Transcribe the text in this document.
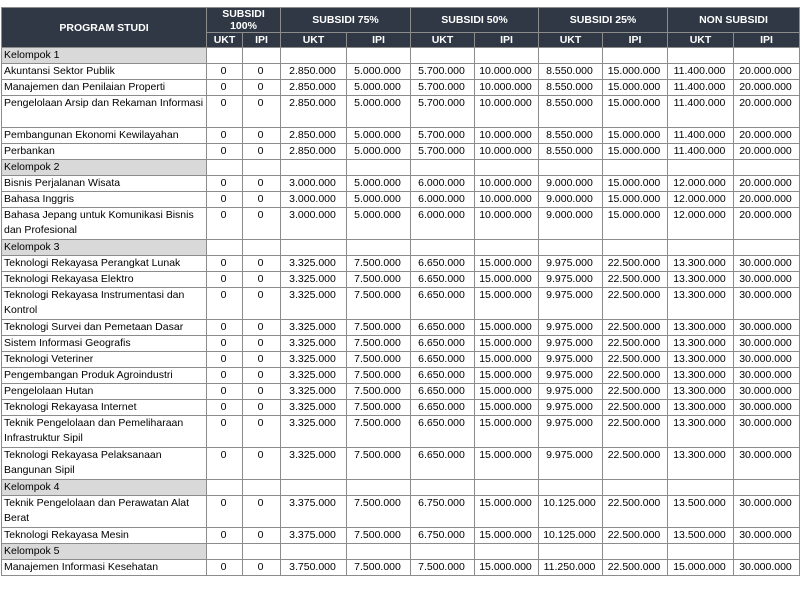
PROGRAM STUDI	SUBSIDI 100%		SUBSIDI 75%		SUBSIDI 50%		SUBSIDI 25%		NON SUBSIDI	
	UKT	IPI	UKT	IPI	UKT	IPI	UKT	IPI	UKT	IPI
Kelompok 1										
Akuntansi Sektor Publik	0	0	2.850.000	5.000.000	5.700.000	10.000.000	8.550.000	15.000.000	11.400.000	20.000.000
Manajemen dan Penilaian Properti	0	0	2.850.000	5.000.000	5.700.000	10.000.000	8.550.000	15.000.000	11.400.000	20.000.000
Pengelolaan Arsip dan Rekaman Informasi	0	0	2.850.000	5.000.000	5.700.000	10.000.000	8.550.000	15.000.000	11.400.000	20.000.000
Pembangunan Ekonomi Kewilayahan	0	0	2.850.000	5.000.000	5.700.000	10.000.000	8.550.000	15.000.000	11.400.000	20.000.000
Perbankan	0	0	2.850.000	5.000.000	5.700.000	10.000.000	8.550.000	15.000.000	11.400.000	20.000.000
Kelompok 2										
Bisnis Perjalanan Wisata	0	0	3.000.000	5.000.000	6.000.000	10.000.000	9.000.000	15.000.000	12.000.000	20.000.000
Bahasa Inggris	0	0	3.000.000	5.000.000	6.000.000	10.000.000	9.000.000	15.000.000	12.000.000	20.000.000
Bahasa Jepang untuk Komunikasi Bisnis dan Profesional	0	0	3.000.000	5.000.000	6.000.000	10.000.000	9.000.000	15.000.000	12.000.000	20.000.000
Kelompok 3										
Teknologi Rekayasa Perangkat Lunak	0	0	3.325.000	7.500.000	6.650.000	15.000.000	9.975.000	22.500.000	13.300.000	30.000.000
Teknologi Rekayasa Elektro	0	0	3.325.000	7.500.000	6.650.000	15.000.000	9.975.000	22.500.000	13.300.000	30.000.000
Teknologi Rekayasa Instrumentasi dan Kontrol	0	0	3.325.000	7.500.000	6.650.000	15.000.000	9.975.000	22.500.000	13.300.000	30.000.000
Teknologi Survei dan Pemetaan Dasar	0	0	3.325.000	7.500.000	6.650.000	15.000.000	9.975.000	22.500.000	13.300.000	30.000.000
Sistem Informasi Geografis	0	0	3.325.000	7.500.000	6.650.000	15.000.000	9.975.000	22.500.000	13.300.000	30.000.000
Teknologi Veteriner	0	0	3.325.000	7.500.000	6.650.000	15.000.000	9.975.000	22.500.000	13.300.000	30.000.000
Pengembangan Produk Agroindustri	0	0	3.325.000	7.500.000	6.650.000	15.000.000	9.975.000	22.500.000	13.300.000	30.000.000
Pengelolaan Hutan	0	0	3.325.000	7.500.000	6.650.000	15.000.000	9.975.000	22.500.000	13.300.000	30.000.000
Teknologi Rekayasa Internet	0	0	3.325.000	7.500.000	6.650.000	15.000.000	9.975.000	22.500.000	13.300.000	30.000.000
Teknik Pengelolaan dan Pemeliharaan Infrastruktur Sipil	0	0	3.325.000	7.500.000	6.650.000	15.000.000	9.975.000	22.500.000	13.300.000	30.000.000
Teknologi Rekayasa Pelaksanaan Bangunan Sipil	0	0	3.325.000	7.500.000	6.650.000	15.000.000	9.975.000	22.500.000	13.300.000	30.000.000
Kelompok 4										
Teknik Pengelolaan dan Perawatan Alat Berat	0	0	3.375.000	7.500.000	6.750.000	15.000.000	10.125.000	22.500.000	13.500.000	30.000.000
Teknologi Rekayasa Mesin	0	0	3.375.000	7.500.000	6.750.000	15.000.000	10.125.000	22.500.000	13.500.000	30.000.000
Kelompok 5										
Manajemen Informasi Kesehatan	0	0	3.750.000	7.500.000	7.500.000	15.000.000	11.250.000	22.500.000	15.000.000	30.000.000
